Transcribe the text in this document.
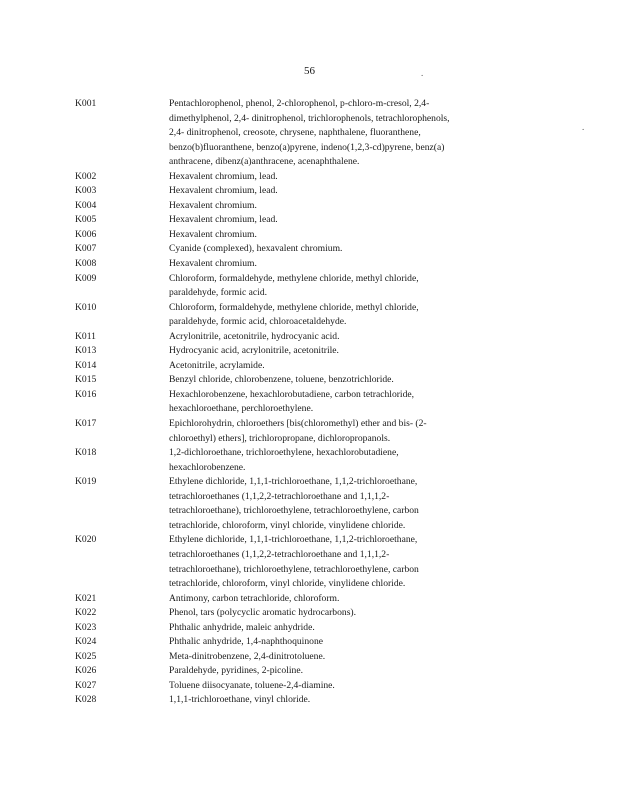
56	.
.
K001	Pentachlorophenol, phenol, 2-chlorophenol, p-chloro-m-cresol, 2,4-
dimethylphenol, 2,4- dinitrophenol, trichlorophenols, tetrachlorophenols,
2,4- dinitrophenol, creosote, chrysene, naphthalene, fluoranthene,
benzo(b)fluoranthene, benzo(a)pyrene, indeno(1,2,3-cd)pyrene, benz(a)
anthracene, dibenz(a)anthracene, acenaphthalene.
K002	Hexavalent chromium, lead.
K003	Hexavalent chromium, lead.
K004	Hexavalent chromium.
K005	Hexavalent chromium, lead.
K006	Hexavalent chromium.
K007	Cyanide (complexed), hexavalent chromium.
K008	Hexavalent chromium.
K009	Chloroform, formaldehyde, methylene chloride, methyl chloride,
paraldehyde, formic acid.
K010	Chloroform, formaldehyde, methylene chloride, methyl chloride,
paraldehyde, formic acid, chloroacetaldehyde.
K011	Acrylonitrile, acetonitrile, hydrocyanic acid.
K013	Hydrocyanic acid, acrylonitrile, acetonitrile.
K014	Acetonitrile, acrylamide.
K015	Benzyl chloride, chlorobenzene, toluene, benzotrichloride.
K016	Hexachlorobenzene, hexachlorobutadiene, carbon tetrachloride,
hexachloroethane, perchloroethylene.
K017	Epichlorohydrin, chloroethers [bis(chloromethyl) ether and bis- (2-
chloroethyl) ethers], trichloropropane, dichloropropanols.
K018	1,2-dichloroethane, trichloroethylene, hexachlorobutadiene,
hexachlorobenzene.
K019	Ethylene dichloride, 1,1,1-trichloroethane, 1,1,2-trichloroethane,
tetrachloroethanes (1,1,2,2-tetrachloroethane and 1,1,1,2-
tetrachloroethane), trichloroethylene, tetrachloroethylene, carbon
tetrachloride, chloroform, vinyl chloride, vinylidene chloride.
K020	Ethylene dichloride, 1,1,1-trichloroethane, 1,1,2-trichloroethane,
tetrachloroethanes (1,1,2,2-tetrachloroethane and 1,1,1,2-
tetrachloroethane), trichloroethylene, tetrachloroethylene, carbon
tetrachloride, chloroform, vinyl chloride, vinylidene chloride.
K021	Antimony, carbon tetrachloride, chloroform.
K022	Phenol, tars (polycyclic aromatic hydrocarbons).
K023	Phthalic anhydride, maleic anhydride.
K024	Phthalic anhydride, 1,4-naphthoquinone
K025	Meta-dinitrobenzene, 2,4-dinitrotoluene.
K026	Paraldehyde, pyridines, 2-picoline.
K027	Toluene diisocyanate, toluene-2,4-diamine.
K028	1,1,1-trichloroethane, vinyl chloride.
